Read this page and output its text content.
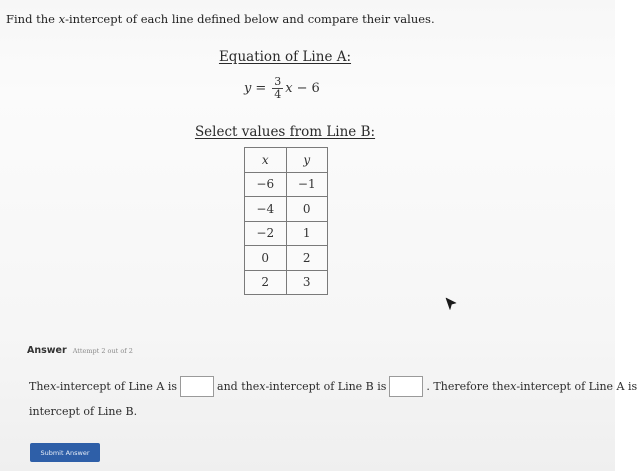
Find the x-intercept of each line defined below and compare their values.
Equation of Line A:
$y = \frac{3}{4}$ x − 6
Select values from Line B:
x	y
−6	−1
−4	0
−2	1
0	2
2	3
Answer Attempt 2 out of 2
The x -intercept of Line A is	and the x -intercept of Line B is	. Therefore the x -intercept of Line A is
intercept of Line B.
Submit Answer
